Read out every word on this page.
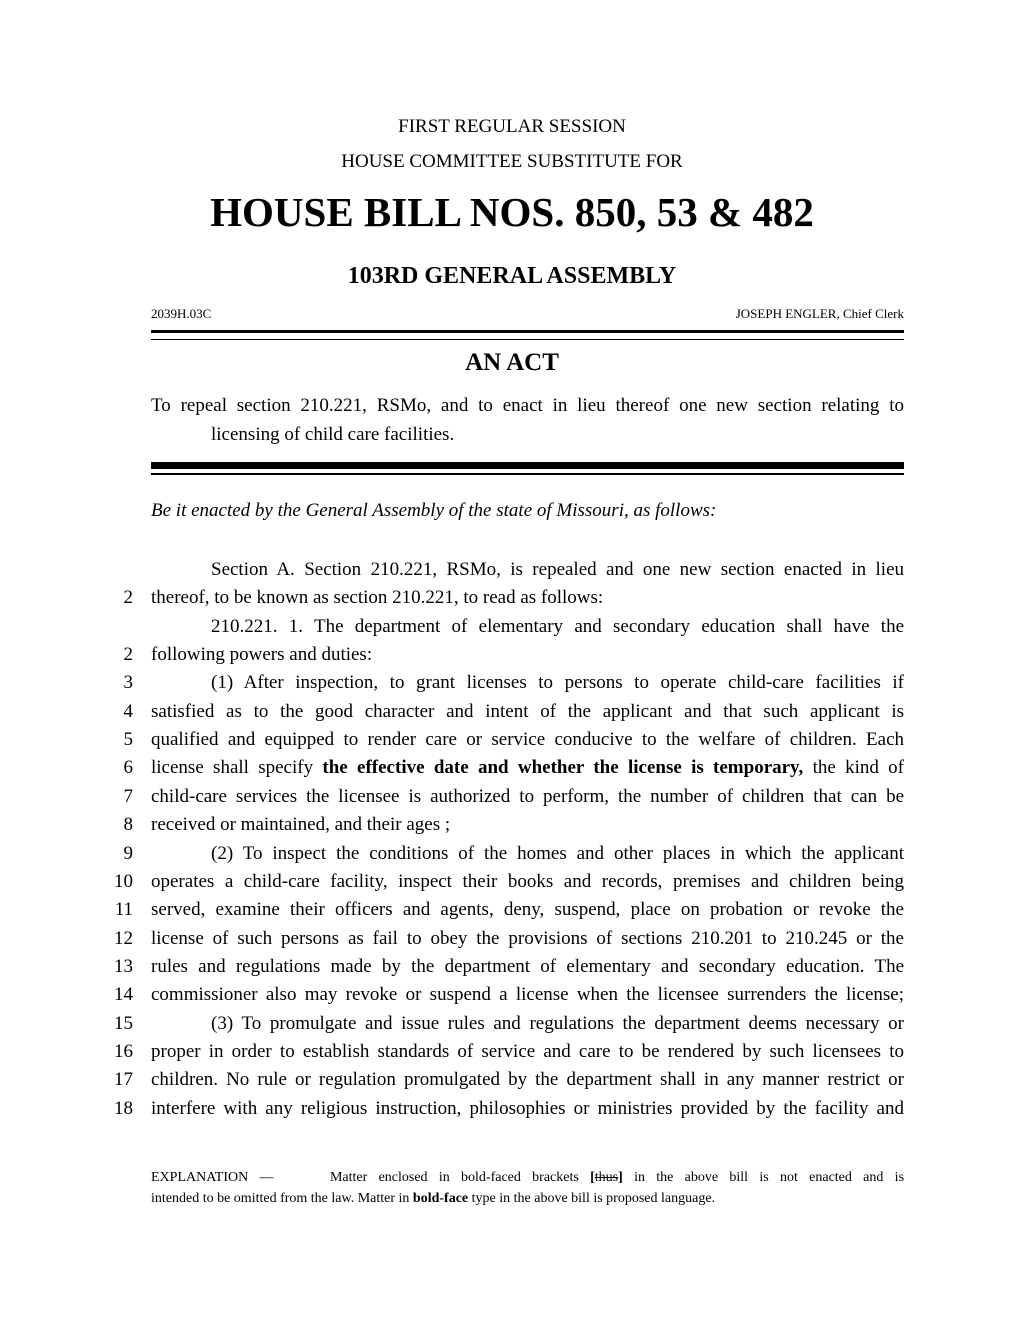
FIRST REGULAR SESSION
HOUSE COMMITTEE SUBSTITUTE FOR
HOUSE BILL NOS. 850, 53 & 482
103RD GENERAL ASSEMBLY
2039H.03C	JOSEPH ENGLER, Chief Clerk
AN ACT
To repeal section 210.221, RSMo, and to enact in lieu thereof one new section relating to
licensing of child care facilities.
Be it enacted by the General Assembly of the state of Missouri, as follows:
Section A. Section 210.221, RSMo, is repealed and one new section enacted in lieu
2 thereof, to be known as section 210.221, to read as follows:
210.221. 1. The department of elementary and secondary education shall have the
2 following powers and duties:
3	(1) After inspection, to grant licenses to persons to operate child-care facilities if
4 satisfied as to the good character and intent of the applicant and that such applicant is
5 qualified and equipped to render care or service conducive to the welfare of children. Each
6 license shall specify the effective date and whether the license is temporary, the kind of
7 child-care services the licensee is authorized to perform, the number of children that can be
8 received or maintained, and their ages ;
9	(2) To inspect the conditions of the homes and other places in which the applicant
10 operates a child-care facility, inspect their books and records, premises and children being
11 served, examine their officers and agents, deny, suspend, place on probation or revoke the
12 license of such persons as fail to obey the provisions of sections 210.201 to 210.245 or the
13 rules and regulations made by the department of elementary and secondary education. The
14 commissioner also may revoke or suspend a license when the licensee surrenders the license;
15	(3) To promulgate and issue rules and regulations the department deems necessary or
16 proper in order to establish standards of service and care to be rendered by such licensees to
17 children. No rule or regulation promulgated by the department shall in any manner restrict or
18 interfere with any religious instruction, philosophies or ministries provided by the facility and
EXPLANATION —	Matter enclosed in bold-faced brackets [thus] in the above bill is not enacted and is
intended to be omitted from the law. Matter in bold-face type in the above bill is proposed language.
